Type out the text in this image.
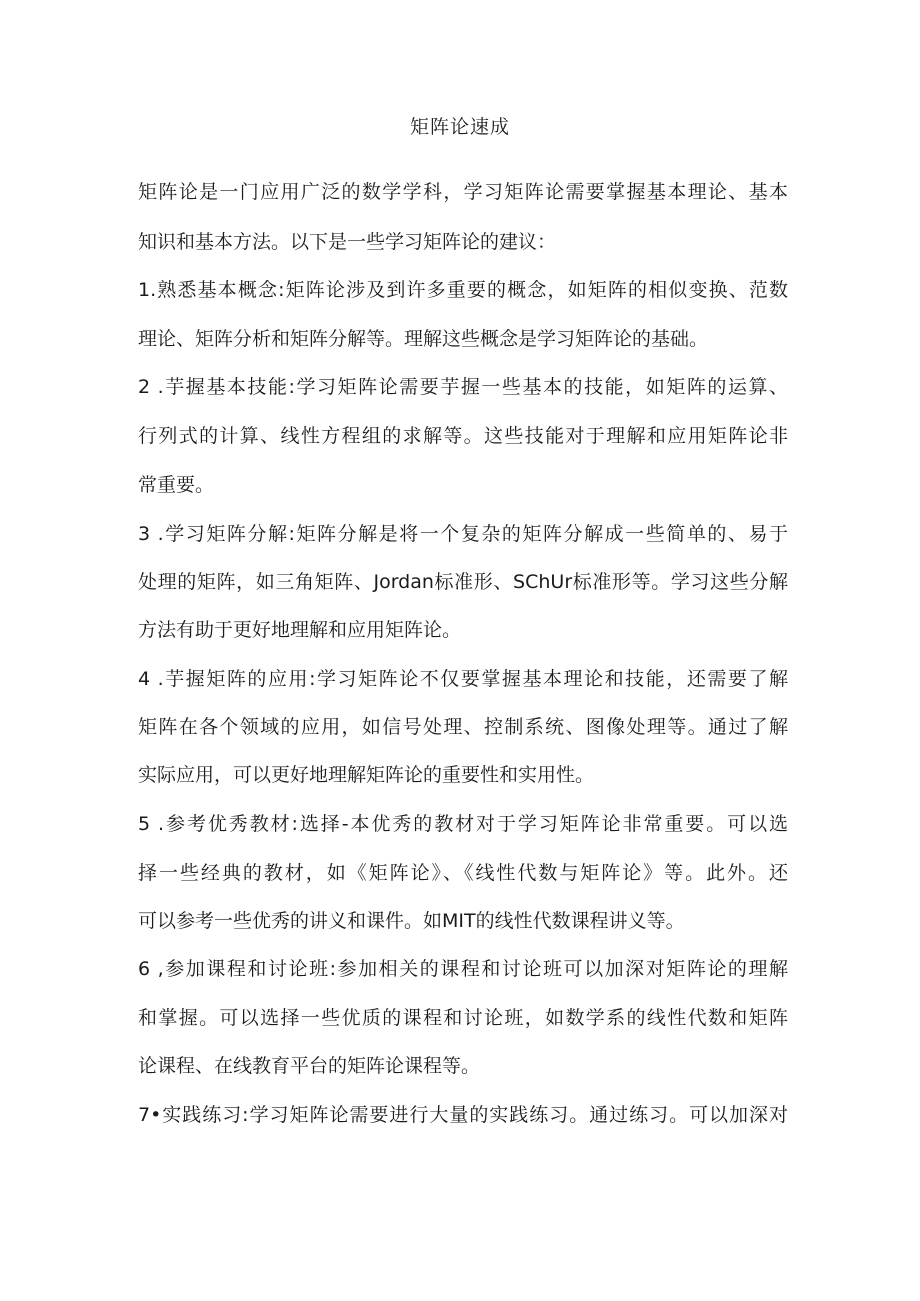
矩阵论速成
矩阵论是一门应用广泛的数学学科，学习矩阵论需要掌握基本理论、基本
知识和基本方法。以下是一些学习矩阵论的建议：
1.熟悉基本概念:矩阵论涉及到许多重要的概念，如矩阵的相似变换、范数
理论、矩阵分析和矩阵分解等。理解这些概念是学习矩阵论的基础。
2 .芋握基本技能:学习矩阵论需要芋握一些基本的技能，如矩阵的运算、
行列式的计算、线性方程组的求解等。这些技能对于理解和应用矩阵论非
常重要。
3 .学习矩阵分解:矩阵分解是将一个复杂的矩阵分解成一些简单的、易于
处理的矩阵，如三角矩阵、Jordan标准形、SChUr标准形等。学习这些分解
方法有助于更好地理解和应用矩阵论。
4 .芋握矩阵的应用:学习矩阵论不仅要掌握基本理论和技能，还需要了解
矩阵在各个领域的应用，如信号处理、控制系统、图像处理等。通过了解
实际应用，可以更好地理解矩阵论的重要性和实用性。
5 .参考优秀教材:选择-本优秀的教材对于学习矩阵论非常重要。可以选
择一些经典的教材，如《矩阵论》、《线性代数与矩阵论》等。此外。还
可以参考一些优秀的讲义和课件。如MIT的线性代数课程讲义等。
6 ,参加课程和讨论班:参加相关的课程和讨论班可以加深对矩阵论的理解
和掌握。可以选择一些优质的课程和讨论班，如数学系的线性代数和矩阵
论课程、在线教育平台的矩阵论课程等。
7•实践练习:学习矩阵论需要进行大量的实践练习。通过练习。可以加深对
